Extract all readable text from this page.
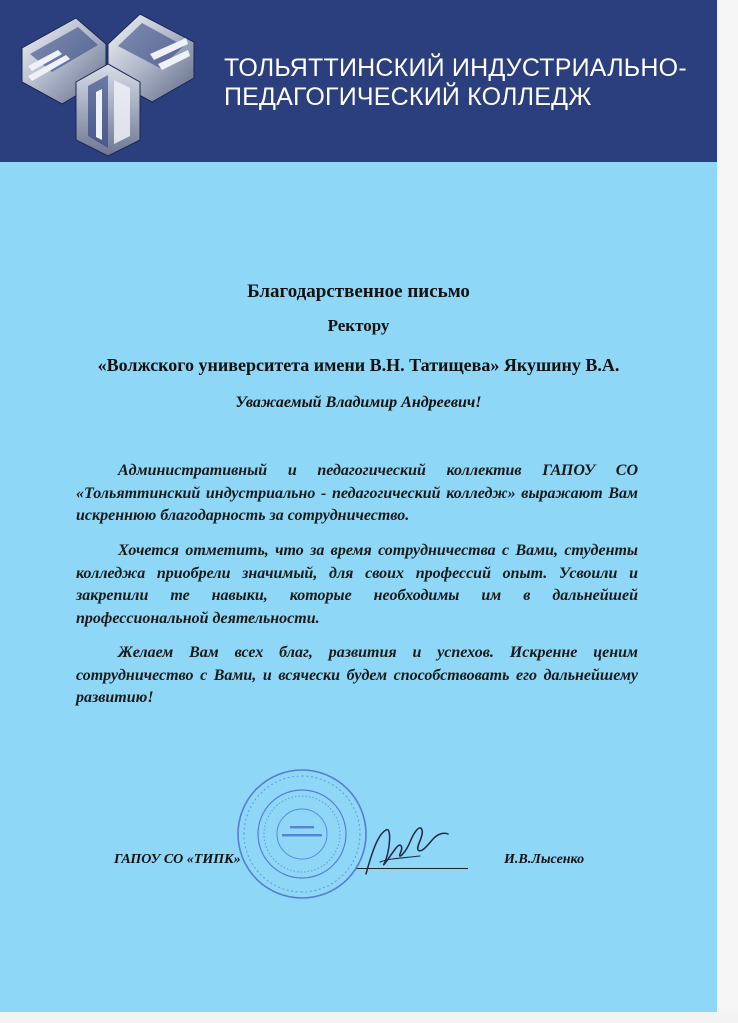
ТОЛЬЯТТИНСКИЙ ИНДУСТРИАЛЬНО-
ПЕДАГОГИЧЕСКИЙ КОЛЛЕДЖ
Благодарственное письмо
Ректору
«Волжского университета имени В.Н. Татищева» Якушину В.А.
Уважаемый Владимир Андреевич!

Административный и педагогический коллектив ГАПОУ СО «Тольяттинский индустриально - педагогический колледж» выражают Вам искреннюю благодарность за сотрудничество.

Хочется отметить, что за время сотрудничества с Вами, студенты колледжа приобрели значимый, для своих профессий опыт. Усвоили и закрепили те навыки, которые необходимы им в дальнейшей профессиональной деятельности.

Желаем Вам всех благ, развития и успехов. Искренне ценим сотрудничество с Вами, и всячески будем способствовать его дальнейшему развитию!

ГАПОУ СО «ТИПК»	И.В.Лысенко
